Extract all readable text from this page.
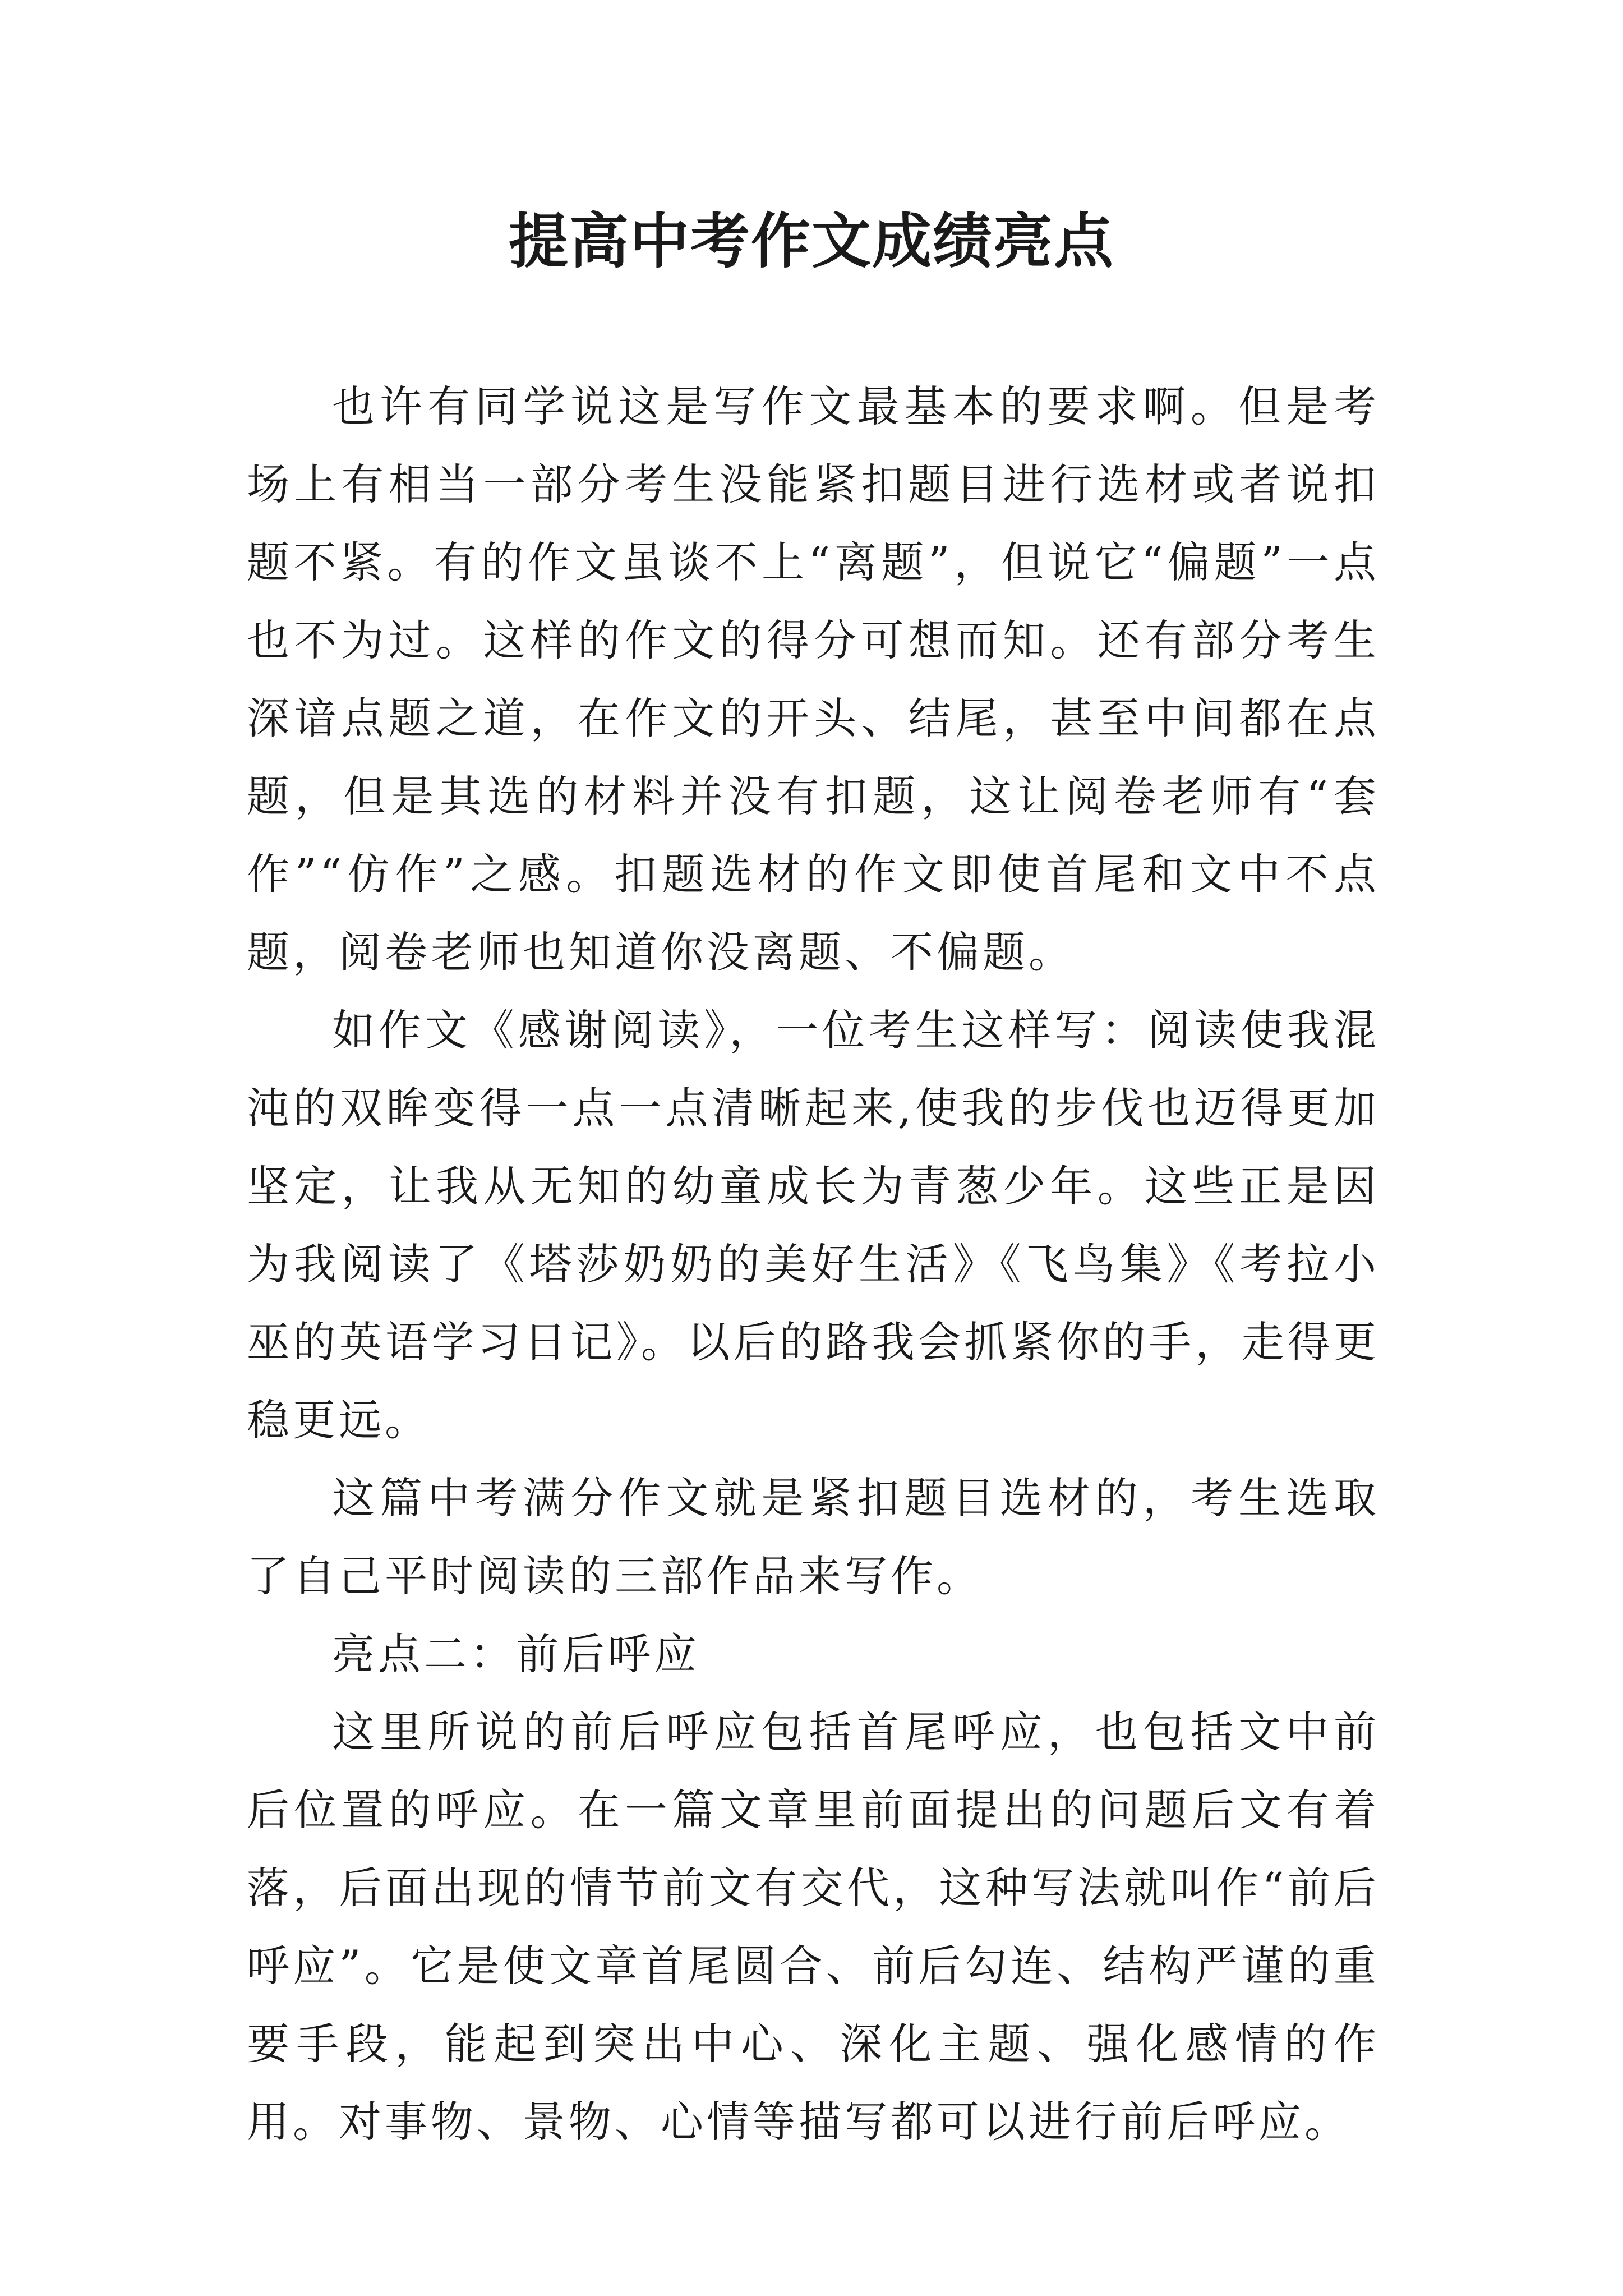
提高中考作文成绩亮点

也许有同学说这是写作文最基本的要求啊。但是考场上有相当一部分考生没能紧扣题目进行选材或者说扣题不紧。有的作文虽谈不上“离题”，但说它“偏题”一点也不为过。这样的作文的得分可想而知。还有部分考生深谙点题之道，在作文的开头、结尾，甚至中间都在点题，但是其选的材料并没有扣题，这让阅卷老师有“套作”“仿作”之感。扣题选材的作文即使首尾和文中不点题，阅卷老师也知道你没离题、不偏题。

如作文《感谢阅读》，一位考生这样写：阅读使我混沌的双眸变得一点一点清晰起来,使我的步伐也迈得更加坚定，让我从无知的幼童成长为青葱少年。这些正是因为我阅读了《塔莎奶奶的美好生活》《飞鸟集》《考拉小巫的英语学习日记》。以后的路我会抓紧你的手，走得更稳更远。

这篇中考满分作文就是紧扣题目选材的，考生选取了自己平时阅读的三部作品来写作。

亮点二：前后呼应

这里所说的前后呼应包括首尾呼应，也包括文中前后位置的呼应。在一篇文章里前面提出的问题后文有着落，后面出现的情节前文有交代，这种写法就叫作“前后呼应”。它是使文章首尾圆合、前后勾连、结构严谨的重要手段，能起到突出中心、深化主题、强化感情的作用。对事物、景物、心情等描写都可以进行前后呼应。
